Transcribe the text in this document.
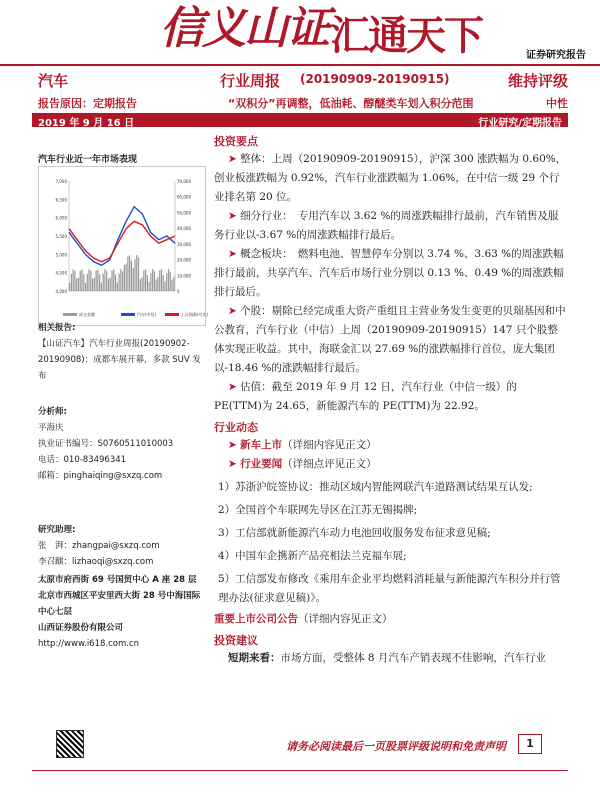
信义山证 汇通天下	证券研究报告
汽车	行业周报 (20190909-20190915)	维持评级
报告原因：定期报告	“双积分”再调整，低油耗、醇醚类车划入积分范围	中性
2019 年 9 月 16 日	行业研究/定期报告
汽车行业近一年市场表现
7,000
6,500
6,000
5,500
5,000
4,500
4,000
70,000
60,000
50,000
40,000
30,000
20,000
10,000
0
成交金额	汽车(中信)	上证指数(对比)
相关报告:
【山证汽车】汽车行业周报(20190902-20190908)：成都车展开幕，多款 SUV 发布
分析师:
平海庆
执业证书编号：S0760511010003
电话：010-83496341
邮箱：pinghaiqing@sxzq.com
研究助理:
张　湃：zhangpai@sxzq.com
李召麒：lizhaoqi@sxzq.com
太原市府西街 69 号国贸中心 A 座 28 层
北京市西城区平安里西大街 28 号中海国际中心七层
山西证券股份有限公司
http://www.i618.com.cn
投资要点
➤ 整体：上周（20190909-20190915），沪深 300 涨跌幅为 0.60%，创业板涨跌幅为 0.92%，汽车行业涨跌幅为 1.06%，在中信一级 29 个行业排名第 20 位。
➤ 细分行业：　专用汽车以 3.62 %的周涨跌幅排行最前，汽车销售及服务行业以-3.67 %的周涨跌幅排行最后。
➤ 概念板块：　燃料电池、智慧停车分别以 3.74 %、3.63 %的周涨跌幅排行最前，共享汽车、汽车后市场行业分别以 0.13 %、0.49 %的周涨跌幅排行最后。
➤ 个股：剔除已经完成重大资产重组且主营业务发生变更的贝瑞基因和中公教育，汽车行业（中信）上周（20190909-20190915）147 只个股整体实现正收益。其中，海联金汇以 27.69 %的涨跌幅排行首位，庞大集团以-18.46 %的涨跌幅排行最后。
➤ 估值：截至 2019 年 9 月 12 日，汽车行业（中信一级）的 PE(TTM)为 24.65，新能源汽车的 PE(TTM)为 22.92。
行业动态
➤ 新车上市（详细内容见正文）
➤ 行业要闻（详细点评见正文）
1）苏浙沪皖签协议：推动区域内智能网联汽车道路测试结果互认发;
2）全国首个车联网先导区在江苏无锡揭牌;
3）工信部就新能源汽车动力电池回收服务发布征求意见稿;
4）中国车企携新产品亮相法兰克福车展;
5）工信部发布修改《乘用车企业平均燃料消耗量与新能源汽车积分并行管理办法(征求意见稿)》。
重要上市公司公告（详细内容见正文）
投资建议
短期来看：市场方面，受整体 8 月汽车产销表现不佳影响，汽车行业
请务必阅读最后一页股票评级说明和免责声明	1
